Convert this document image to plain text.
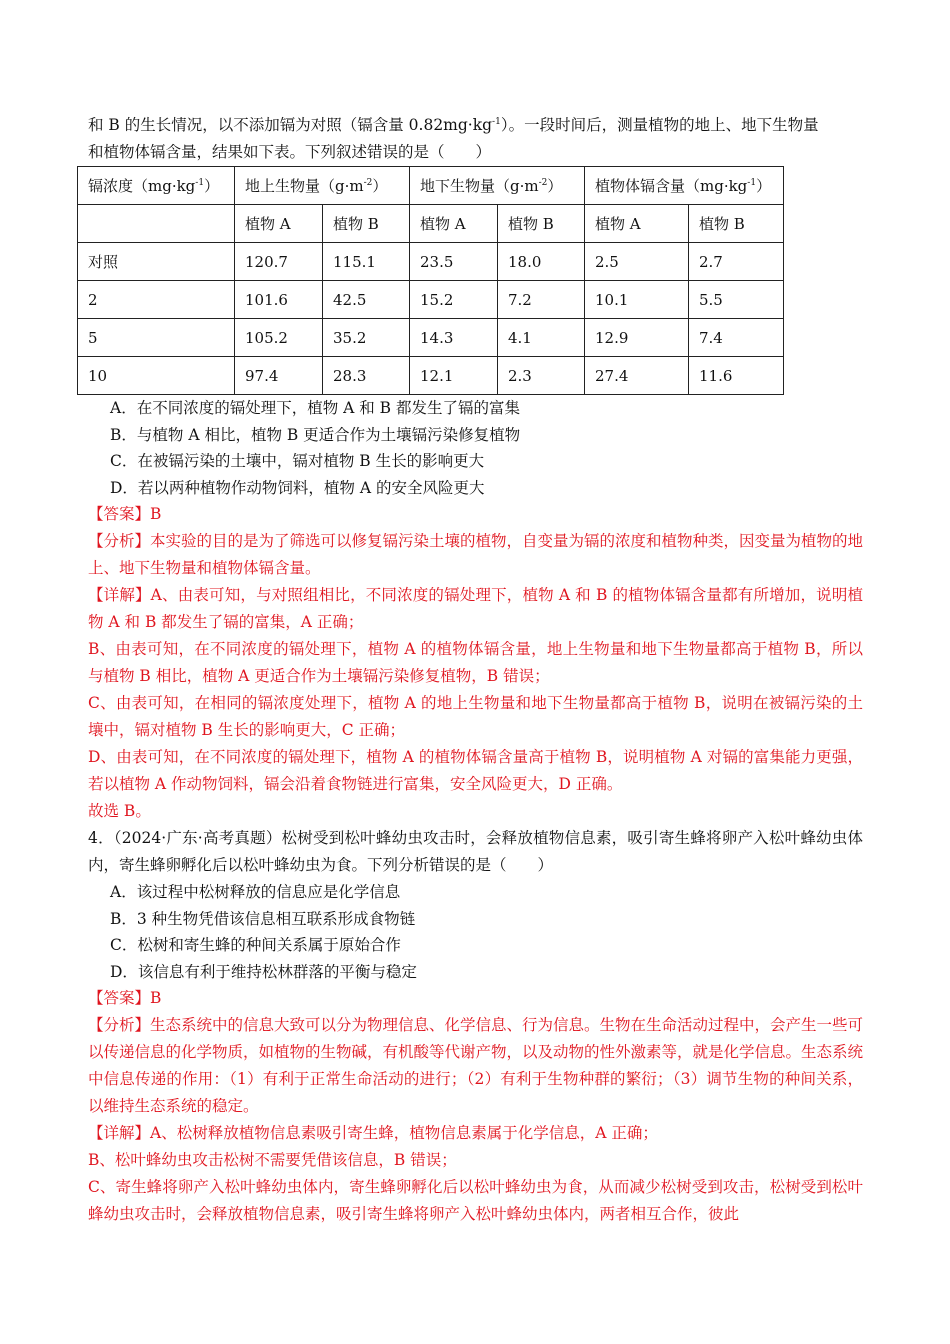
和 B 的生长情况，以不添加镉为对照（镉含量 $0.82mg\cdot kg^{-1}$）。一段时间后，测量植物的地上、地下生物量
和植物体镉含量，结果如下表。下列叙述错误的是（　　）

镉浓度$(mg\cdot kg^{-1})$	地上生物量$(g\cdot m^{-2})$		地下生物量$(g\cdot m^{-2})$		植物体镉含量$(mg\cdot kg^{-1})$	
	植物 A	植物 B	植物 A	植物 B	植物 A	植物 B
对照	120.7	115.1	23.5	18.0	2.5	2.7
2	101.6	42.5	15.2	7.2	10.1	5.5
5	105.2	35.2	14.3	4.1	12.9	7.4
10	97.4	28.3	12.1	2.3	27.4	11.6

A．在不同浓度的镉处理下，植物 A 和 B 都发生了镉的富集

B．与植物 A 相比，植物 B 更适合作为土壤镉污染修复植物

C．在被镉污染的土壤中，镉对植物 B 生长的影响更大

D．若以两种植物作动物饲料，植物 A 的安全风险更大

【答案】B

【分析】本实验的目的是为了筛选可以修复镉污染土壤的植物，自变量为镉的浓度和植物种类，因变量为植物的地上、地下生物量和植物体镉含量。

【详解】A、由表可知，与对照组相比，不同浓度的镉处理下，植物 A 和 B 的植物体镉含量都有所增加，说明植物 A 和 B 都发生了镉的富集，A 正确；

B、由表可知，在不同浓度的镉处理下，植物 A 的植物体镉含量，地上生物量和地下生物量都高于植物 B，所以与植物 B 相比，植物 A 更适合作为土壤镉污染修复植物，B 错误；

C、由表可知，在相同的镉浓度处理下，植物 A 的地上生物量和地下生物量都高于植物 B，说明在被镉污染的土壤中，镉对植物 B 生长的影响更大，C 正确；

D、由表可知，在不同浓度的镉处理下，植物 A 的植物体镉含量高于植物 B，说明植物 A 对镉的富集能力更强，若以植物 A 作动物饲料，镉会沿着食物链进行富集，安全风险更大，D 正确。

故选 B。

4．（2024·广东·高考真题）松树受到松叶蜂幼虫攻击时，会释放植物信息素，吸引寄生蜂将卵产入松叶蜂幼虫体内，寄生蜂卵孵化后以松叶蜂幼虫为食。下列分析错误的是（　　）

A．该过程中松树释放的信息应是化学信息

B．3 种生物凭借该信息相互联系形成食物链

C．松树和寄生蜂的种间关系属于原始合作

D．该信息有利于维持松林群落的平衡与稳定

【答案】B

【分析】生态系统中的信息大致可以分为物理信息、化学信息、行为信息。生物在生命活动过程中，会产生一些可以传递信息的化学物质，如植物的生物碱，有机酸等代谢产物，以及动物的性外激素等，就是化学信息。生态系统中信息传递的作用：（1）有利于正常生命活动的进行；（2）有利于生物种群的繁衍；（3）调节生物的种间关系，以维持生态系统的稳定。

【详解】A、松树释放植物信息素吸引寄生蜂，植物信息素属于化学信息，A 正确；

B、松叶蜂幼虫攻击松树不需要凭借该信息，B 错误；

C、寄生蜂将卵产入松叶蜂幼虫体内，寄生蜂卵孵化后以松叶蜂幼虫为食，从而减少松树受到攻击，松树受到松叶蜂幼虫攻击时，会释放植物信息素，吸引寄生蜂将卵产入松叶蜂幼虫体内，两者相互合作，彼此
